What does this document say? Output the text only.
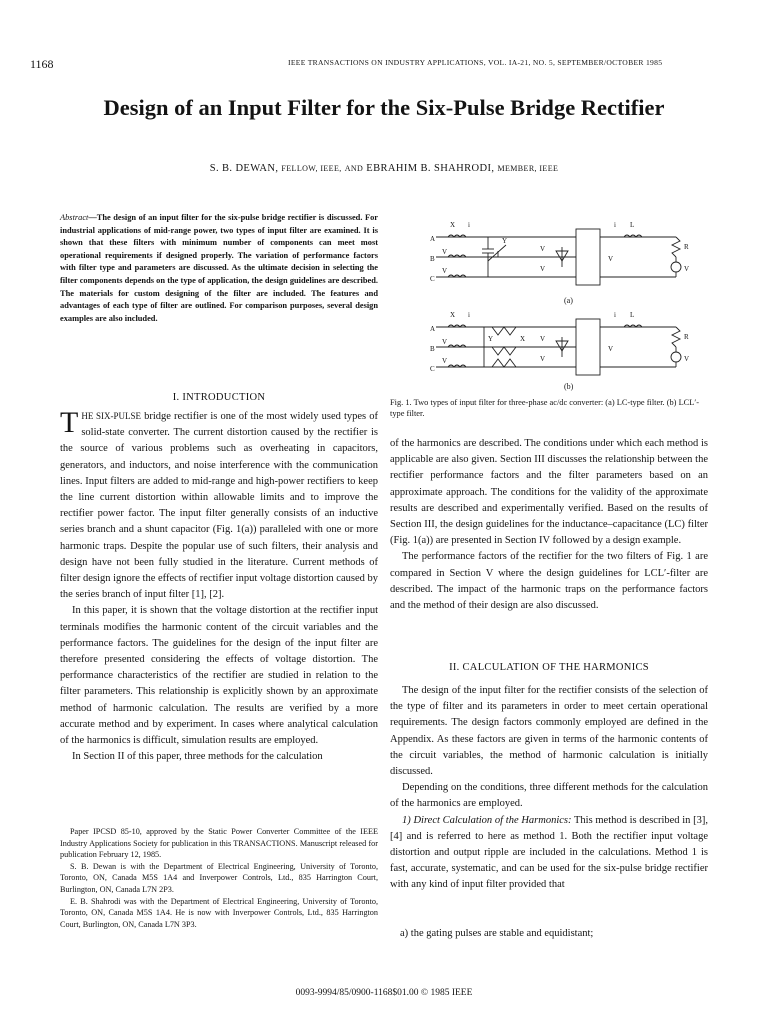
1168	IEEE TRANSACTIONS ON INDUSTRY APPLICATIONS, VOL. IA-21, NO. 5, SEPTEMBER/OCTOBER 1985
Design of an Input Filter for the Six-Pulse Bridge Rectifier
S. B. DEWAN, FELLOW, IEEE, AND EBRAHIM B. SHAHRODI, MEMBER, IEEE
Abstract—The design of an input filter for the six-pulse bridge rectifier is discussed. For industrial applications of mid-range power, two types of input filter are examined. It is shown that these filters with minimum number of components can meet most operational requirements if designed properly. The variation of performance factors with filter type and parameters are discussed. As the ultimate decision in selecting the filter components depends on the type of application, the design guidelines are described. The materials for custom designing of the filter are included. The features and advantages of each type of filter are outlined. For comparison purposes, several design examples are also included.
I. INTRODUCTION

THE SIX-PULSE bridge rectifier is one of the most widely used types of solid-state converter. The current distortion caused by the rectifier is the source of various problems such as overheating in capacitors, generators, and inductors, and noise interference with the communication lines. Input filters are added to mid-range and high-power rectifiers to keep the line current distortion within allowable limits and to improve the rectifier power factor. The input filter generally consists of an inductive series branch and a shunt capacitor (Fig. 1(a)) paralleled with one or more harmonic traps. Despite the popular use of such filters, their analysis and design have not been fully studied in the literature. Current methods of filter design ignore the effects of rectifier input voltage distortion caused by the series branch of input filter [1], [2].

In this paper, it is shown that the voltage distortion at the rectifier input terminals modifies the harmonic content of the circuit variables and the performance factors. The guidelines for the design of the input filter are therefore presented considering the effects of voltage distortion. The performance characteristics of the rectifier are studied in relation to the filter parameters. This relationship is explicitly shown by an approximate method of harmonic calculation. The results are verified by a more accurate method and by experiment. In cases where analytical calculation of the harmonics is difficult, simulation results are employed.

In Section II of this paper, three methods for the calculation

Paper IPCSD 85-10, approved by the Static Power Converter Committee of the IEEE Industry Applications Society for publication in this TRANSACTIONS. Manuscript released for publication February 12, 1985.

S. B. Dewan is with the Department of Electrical Engineering, University of Toronto, Toronto, ON, Canada M5S 1A4 and Inverpower Controls, Ltd., 835 Harrington Court, Burlington, ON, Canada L7N 2P3.

E. B. Shahrodi was with the Department of Electrical Engineering, University of Toronto, Toronto, ON, Canada M5S 1A4. He is now with Inverpower Controls, Ltd., 835 Harrington Court, Burlington, ON, Canada L7N 3P3.

A
B
C
X i
V
V
Y
V
V
i L
R
V
V
(a)
A
B
C
X i
V
V
Y	X V
V
i L
R
V
V
(b)
Fig. 1. Two types of input filter for three-phase ac/dc converter: (a) LC-type filter. (b) LCL′-type filter.

of the harmonics are described. The conditions under which each method is applicable are also given. Section III discusses the relationship between the rectifier performance factors and the filter parameters based on an approximate approach. The conditions for the validity of the approximate results are described and experimentally verified. Based on the results of Section III, the design guidelines for the inductance–capacitance (LC) filter (Fig. 1(a)) are presented in Section IV followed by a design example.

The performance factors of the rectifier for the two filters of Fig. 1 are compared in Section V where the design guidelines for LCL′-filter are described. The impact of the harmonic traps on the performance factors and the method of their design are also discussed.

II. CALCULATION OF THE HARMONICS

The design of the input filter for the rectifier consists of the selection of the type of filter and its parameters in order to meet certain operational requirements. The design factors commonly employed are defined in the Appendix. As these factors are given in terms of the harmonic contents of the circuit variables, the method of harmonic calculation is initially discussed.

Depending on the conditions, three different methods for the calculation of the harmonics are employed.

1) Direct Calculation of the Harmonics: This method is described in [3], [4] and is referred to here as method 1. Both the rectifier input voltage distortion and output ripple are included in the calculations. Method 1 is fast, accurate, systematic, and can be used for the six-pulse bridge rectifier with any kind of input filter provided that

a) the gating pulses are stable and equidistant;
0093-9994/85/0900-1168$01.00 © 1985 IEEE
